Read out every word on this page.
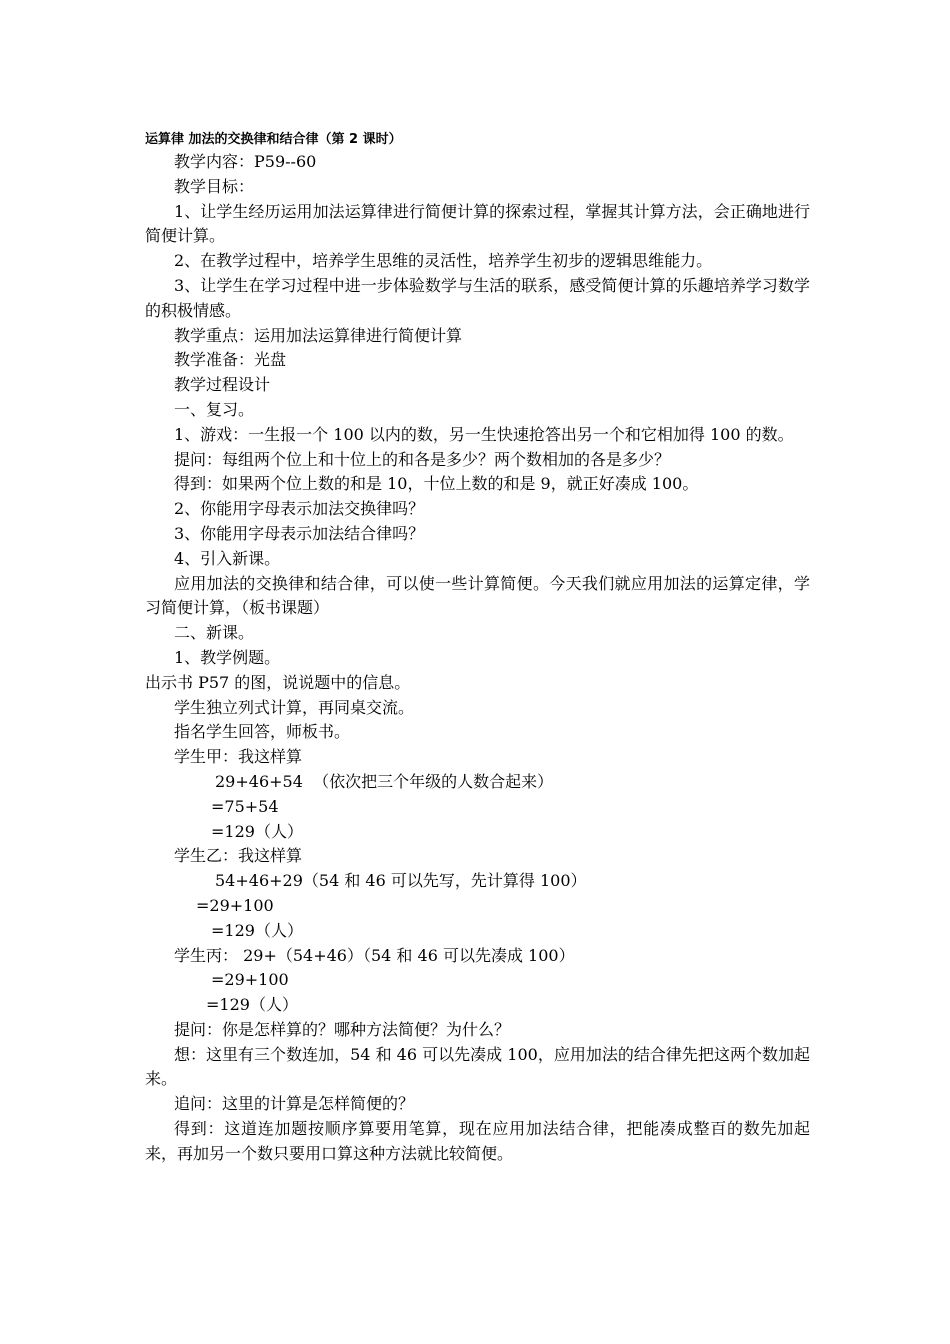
运算律 加法的交换律和结合律（第 2 课时）

教学内容：P59--60

教学目标：

1、让学生经历运用加法运算律进行简便计算的探索过程，掌握其计算方法，会正确地进行简便计算。

2、在教学过程中，培养学生思维的灵活性，培养学生初步的逻辑思维能力。

3、让学生在学习过程中进一步体验数学与生活的联系，感受简便计算的乐趣培养学习数学的积极情感。

教学重点：运用加法运算律进行简便计算

教学准备：光盘

教学过程设计

一、复习。

1、游戏：一生报一个 100 以内的数，另一生快速抢答出另一个和它相加得 100 的数。

提问：每组两个位上和十位上的和各是多少？两个数相加的各是多少？

得到：如果两个位上数的和是 10，十位上数的和是 9，就正好凑成 100。

2、你能用字母表示加法交换律吗？

3、你能用字母表示加法结合律吗？

4、引入新课。

应用加法的交换律和结合律，可以使一些计算简便。今天我们就应用加法的运算定律，学习简便计算，（板书课题）

二、新课。

1、教学例题。

出示书 P57 的图，说说题中的信息。

学生独立列式计算，再同桌交流。

指名学生回答，师板书。

学生甲：我这样算

29+46+54  （依次把三个年级的人数合起来）

=75+54

=129（人）

学生乙：我这样算

54+46+29（54 和 46 可以先写，先计算得 100）

=29+100

=129（人）

学生丙： 29+（54+46）（54 和 46 可以先凑成 100）

=29+100

=129（人）

提问：你是怎样算的？哪种方法简便？为什么？

想：这里有三个数连加，54 和 46 可以先凑成 100，应用加法的结合律先把这两个数加起来。

追问：这里的计算是怎样简便的？

得到：这道连加题按顺序算要用笔算，现在应用加法结合律，把能凑成整百的数先加起来，再加另一个数只要用口算这种方法就比较简便。
